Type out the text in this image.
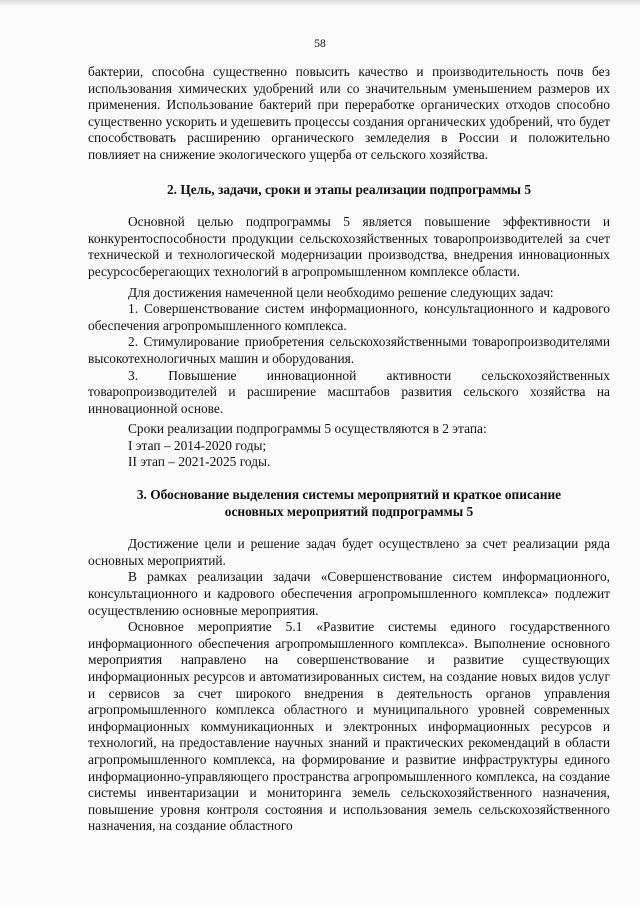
58

бактерии, способна существенно повысить качество и производительность почв без использования химических удобрений или со значительным уменьшением размеров их применения. Использование бактерий при переработке органических отходов способно существенно ускорить и удешевить процессы создания органических удобрений, что будет способствовать расширению органического земледелия в России и положительно повлияет на снижение экологического ущерба от сельского хозяйства.

2. Цель, задачи, сроки и этапы реализации подпрограммы 5

Основной целью подпрограммы 5 является повышение эффективности и конкурентоспособности продукции сельскохозяйственных товаропроизводителей за счет технической и технологической модернизации производства, внедрения инновационных ресурсосберегающих технологий в агропромышленном комплексе области.

Для достижения намеченной цели необходимо решение следующих задач:

1. Совершенствование систем информационного, консультационного и кадрового обеспечения агропромышленного комплекса.

2. Стимулирование приобретения сельскохозяйственными товаропроизводителями высокотехнологичных машин и оборудования.

3. Повышение инновационной активности сельскохозяйственных товаропроизводителей и расширение масштабов развития сельского хозяйства на инновационной основе.

Сроки реализации подпрограммы 5 осуществляются в 2 этапа:

I этап – 2014-2020 годы;

II этап – 2021-2025 годы.

3. Обоснование выделения системы мероприятий и краткое описание
основных мероприятий подпрограммы 5

Достижение цели и решение задач будет осуществлено за счет реализации ряда основных мероприятий.

В рамках реализации задачи «Совершенствование систем информационного, консультационного и кадрового обеспечения агропромышленного комплекса» подлежит осуществлению основные мероприятия.

Основное мероприятие 5.1 «Развитие системы единого государственного информационного обеспечения агропромышленного комплекса». Выполнение основного мероприятия направлено на совершенствование и развитие существующих информационных ресурсов и автоматизированных систем, на создание новых видов услуг и сервисов за счет широкого внедрения в деятельность органов управления агропромышленного комплекса областного и муниципального уровней современных информационных коммуникационных и электронных информационных ресурсов и технологий, на предоставление научных знаний и практических рекомендаций в области агропромышленного комплекса, на формирование и развитие инфраструктуры единого информационно-управляющего пространства агропромышленного комплекса, на создание системы инвентаризации и мониторинга земель сельскохозяйственного назначения, повышение уровня контроля состояния и использования земель сельскохозяйственного назначения, на создание областного
